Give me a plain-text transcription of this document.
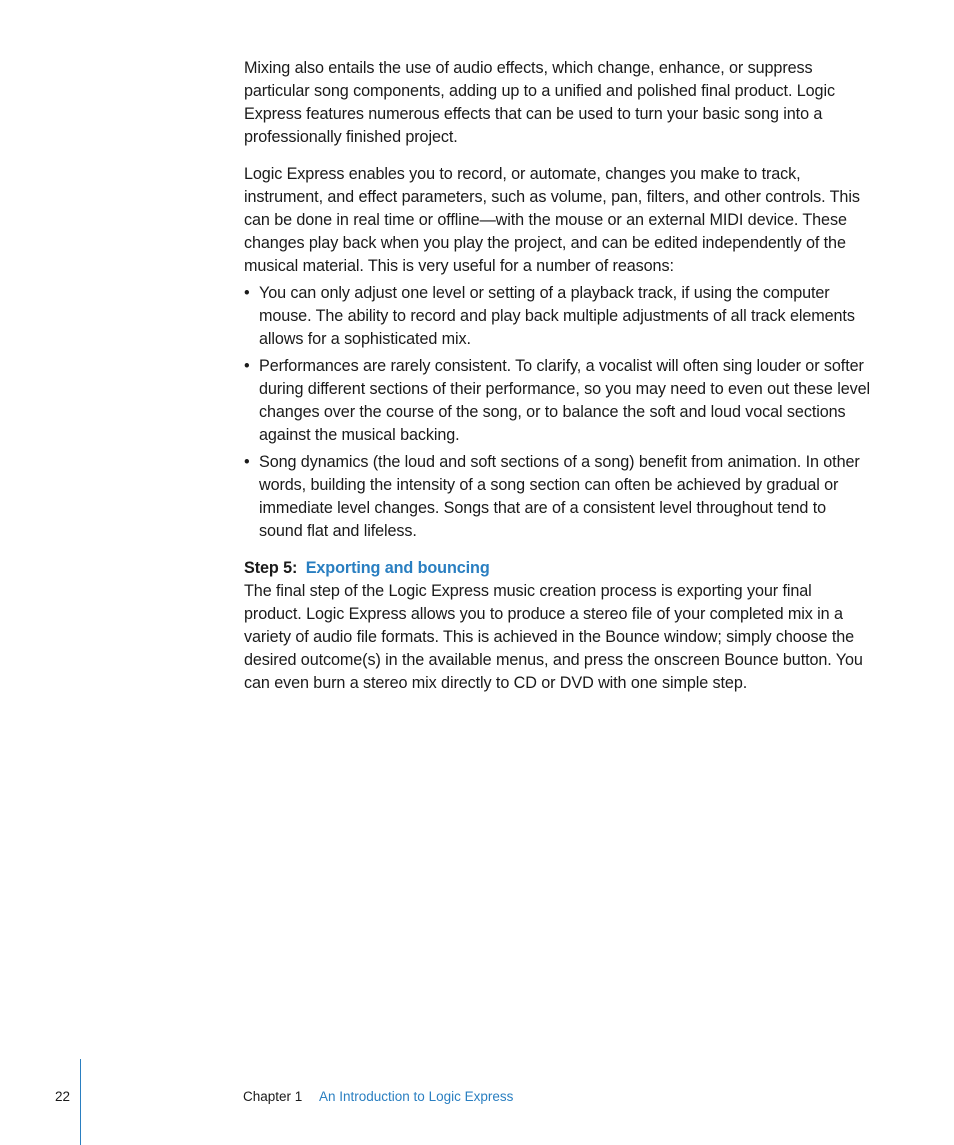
Mixing also entails the use of audio effects, which change, enhance, or suppress particular song components, adding up to a unified and polished final product. Logic Express features numerous effects that can be used to turn your basic song into a professionally finished project.

Logic Express enables you to record, or automate, changes you make to track, instrument, and effect parameters, such as volume, pan, filters, and other controls. This can be done in real time or offline—with the mouse or an external MIDI device. These changes play back when you play the project, and can be edited independently of the musical material. This is very useful for a number of reasons:

• You can only adjust one level or setting of a playback track, if using the computer mouse. The ability to record and play back multiple adjustments of all track elements allows for a sophisticated mix.
• Performances are rarely consistent. To clarify, a vocalist will often sing louder or softer during different sections of their performance, so you may need to even out these level changes over the course of the song, or to balance the soft and loud vocal sections against the musical backing.
• Song dynamics (the loud and soft sections of a song) benefit from animation. In other words, building the intensity of a song section can often be achieved by gradual or immediate level changes. Songs that are of a consistent level throughout tend to sound flat and lifeless.

Step 5: Exporting and bouncing

The final step of the Logic Express music creation process is exporting your final product. Logic Express allows you to produce a stereo file of your completed mix in a variety of audio file formats. This is achieved in the Bounce window; simply choose the desired outcome(s) in the available menus, and press the onscreen Bounce button. You can even burn a stereo mix directly to CD or DVD with one simple step.

22	Chapter 1 An Introduction to Logic Express
